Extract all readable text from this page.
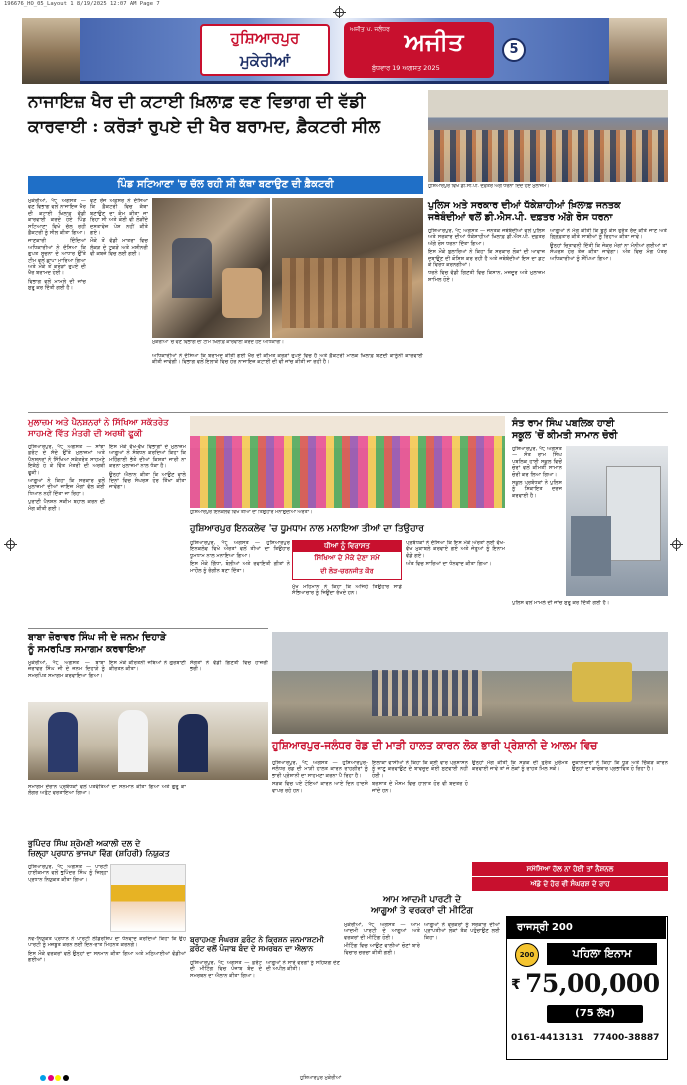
196676_HO_05_Layout 1 8/19/2025 12:07 AM Page 7
ਹੁਸ਼ਿਆਰਪੁਰ
ਮੁਕੇਰੀਆਂ
ਅਜੀਤ ਪ. ਜਲੰਧਰ ਅਜੀਤ
ਬੁੱਧਵਾਰ 19 ਅਗਸਤ 2025
5
ਨਾਜਾਇਜ਼ ਖੈਰ ਦੀ ਕਟਾਈ ਖ਼ਿਲਾਫ਼ ਵਣ ਵਿਭਾਗ ਦੀ ਵੱਡੀ
ਕਾਰਵਾਈ : ਕਰੋੜਾਂ ਰੁਪਏ ਦੀ ਖੈਰ ਬਰਾਮਦ, ਫ਼ੈਕਟਰੀ ਸੀਲ
ਪਿੰਡ ਸਟਿਆਣਾ 'ਚ ਚੱਲ ਰਹੀ ਸੀ ਕੱਥਾ ਬਣਾਉਣ ਦੀ ਫ਼ੈਕਟਰੀ

ਮੁਕੇਰੀਆਂ, ੧੮ ਅਗਸਤ — ਵਣ ਵਿਭਾਗ ਵਲੋਂ ਨਾਜਾਇਜ਼ ਖੈਰ ਦੀ ਕਟਾਈ ਖ਼ਿਲਾਫ਼ ਵੱਡੀ ਕਾਰਵਾਈ ਕਰਦੇ ਹੋਏ ਪਿੰਡ ਸਟਿਆਣਾ ਵਿਖੇ ਚੱਲ ਰਹੀ ਫ਼ੈਕਟਰੀ ਨੂੰ ਸੀਲ ਕੀਤਾ ਗਿਆ।

ਜਾਣਕਾਰੀ ਦਿੰਦਿਆਂ ਅਧਿਕਾਰੀਆਂ ਨੇ ਦੱਸਿਆ ਕਿ ਗੁਪਤ ਸੂਚਨਾ ਦੇ ਆਧਾਰ ਉੱਤੇ ਟੀਮ ਵਲੋਂ ਛਾਪਾ ਮਾਰਿਆ ਗਿਆ ਅਤੇ ਮੌਕੇ ਤੋਂ ਕਰੋੜਾਂ ਰੁਪਏ ਦੀ ਖੈਰ ਬਰਾਮਦ ਹੋਈ।

ਵਿਭਾਗ ਵਲੋਂ ਮਾਮਲੇ ਦੀ ਜਾਂਚ ਸ਼ੁਰੂ ਕਰ ਦਿੱਤੀ ਗਈ ਹੈ।

ਵਣ ਰੇਂਜ ਅਫ਼ਸਰ ਨੇ ਦੱਸਿਆ ਕਿ ਫ਼ੈਕਟਰੀ ਵਿਚ ਕੱਥਾ ਬਣਾਉਣ ਦਾ ਕੰਮ ਕੀਤਾ ਜਾ ਰਿਹਾ ਸੀ ਅਤੇ ਕੋਈ ਵੀ ਲੋੜੀਂਦੇ ਦਸਤਾਵੇਜ਼ ਪੇਸ਼ ਨਹੀਂ ਕੀਤੇ ਗਏ।

ਮੌਕੇ ਤੋਂ ਵੱਡੀ ਮਾਤਰਾ ਵਿਚ ਲੱਕੜ ਦੇ ਟੁਕੜੇ ਅਤੇ ਮਸ਼ੀਨਰੀ ਵੀ ਕਬਜ਼ੇ ਵਿਚ ਲਈ ਗਈ।

ਮੁਕੇਰੀਆਂ 'ਚ ਵਣ ਵਿਭਾਗ ਦੀ ਟੀਮ ਖ਼ਿਲਾਫ਼ ਕਾਰਵਾਈ ਕਰਦੇ ਹੋਏ ਅਧਿਕਾਰੀ।

ਅਧਿਕਾਰੀਆਂ ਨੇ ਦੱਸਿਆ ਕਿ ਬਰਾਮਦ ਕੀਤੀ ਗਈ ਖੈਰ ਦੀ ਕੀਮਤ ਕਰੋੜਾਂ ਰੁਪਏ ਵਿਚ ਹੈ ਅਤੇ ਫ਼ੈਕਟਰੀ ਮਾਲਕ ਖ਼ਿਲਾਫ਼ ਬਣਦੀ ਕਾਨੂੰਨੀ ਕਾਰਵਾਈ ਕੀਤੀ ਜਾਵੇਗੀ। ਵਿਭਾਗ ਵਲੋਂ ਇਲਾਕੇ ਵਿਚ ਹੋਰ ਨਾਜਾਇਜ਼ ਕਟਾਈ ਦੀ ਵੀ ਜਾਂਚ ਕੀਤੀ ਜਾ ਰਹੀ ਹੈ।

ਹੁਸ਼ਿਆਰਪੁਰ ਵਿਖੇ ਡੀ.ਸੀ.ਪੀ. ਦਫ਼ਤਰ ਅੱਗੇ ਧਰਨਾ ਦਿੰਦੇ ਹੋਏ ਮੁਲਾਜ਼ਮ।
ਪੁਲਿਸ ਅਤੇ ਸਰਕਾਰ ਦੀਆਂ ਧੱਕੇਸ਼ਾਹੀਆਂ ਖ਼ਿਲਾਫ਼ ਜਨਤਕ
ਜਥੇਬੰਦੀਆਂ ਵਲੋਂ ਡੀ.ਐਸ.ਪੀ. ਦਫ਼ਤਰ ਅੱਗੇ ਰੋਸ ਧਰਨਾ

ਹੁਸ਼ਿਆਰਪੁਰ, ੧੮ ਅਗਸਤ — ਜਨਤਕ ਜਥੇਬੰਦੀਆਂ ਵਲੋਂ ਪੁਲਿਸ ਅਤੇ ਸਰਕਾਰ ਦੀਆਂ ਧੱਕੇਸ਼ਾਹੀਆਂ ਖ਼ਿਲਾਫ਼ ਡੀ.ਐਸ.ਪੀ. ਦਫ਼ਤਰ ਅੱਗੇ ਰੋਸ ਧਰਨਾ ਦਿੱਤਾ ਗਿਆ।

ਇਸ ਮੌਕੇ ਬੁਲਾਰਿਆਂ ਨੇ ਕਿਹਾ ਕਿ ਸਰਕਾਰ ਲੋਕਾਂ ਦੀ ਆਵਾਜ਼ ਦਬਾਉਣ ਦੀ ਕੋਸ਼ਿਸ਼ ਕਰ ਰਹੀ ਹੈ ਅਤੇ ਜਥੇਬੰਦੀਆਂ ਇਸ ਦਾ ਡਟ ਕੇ ਵਿਰੋਧ ਕਰਨਗੀਆਂ।

ਧਰਨੇ ਵਿਚ ਵੱਡੀ ਗਿਣਤੀ ਵਿਚ ਕਿਸਾਨ, ਮਜ਼ਦੂਰ ਅਤੇ ਮੁਲਾਜ਼ਮ ਸ਼ਾਮਿਲ ਹੋਏ।

ਆਗੂਆਂ ਨੇ ਮੰਗ ਕੀਤੀ ਕਿ ਝੂਠੇ ਕੇਸ ਤੁਰੰਤ ਰੱਦ ਕੀਤੇ ਜਾਣ ਅਤੇ ਗ੍ਰਿਫ਼ਤਾਰ ਕੀਤੇ ਸਾਥੀਆਂ ਨੂੰ ਰਿਹਾਅ ਕੀਤਾ ਜਾਵੇ।

ਉਨ੍ਹਾਂ ਚਿਤਾਵਨੀ ਦਿੱਤੀ ਕਿ ਜੇਕਰ ਮੰਗਾਂ ਨਾ ਮੰਨੀਆਂ ਗਈਆਂ ਤਾਂ ਸੰਘਰਸ਼ ਹੋਰ ਤੇਜ਼ ਕੀਤਾ ਜਾਵੇਗਾ। ਅੰਤ ਵਿਚ ਮੰਗ ਪੱਤਰ ਅਧਿਕਾਰੀਆਂ ਨੂੰ ਸੌਂਪਿਆ ਗਿਆ।

ਮੁਲਾਜ਼ਮ ਅਤੇ ਪੈਨਸ਼ਨਰਾਂ ਨੇ ਸਿੱਖਿਆ ਸਕੱਤਰੇਤ
ਸਾਹਮਣੇ ਵਿੱਤ ਮੰਤਰੀ ਦੀ ਅਰਥੀ ਫੂਕੀ

ਹੁਸ਼ਿਆਰਪੁਰ, ੧੮ ਅਗਸਤ — ਸਾਂਝਾ ਫ਼ਰੰਟ ਦੇ ਸੱਦੇ ਉੱਤੇ ਮੁਲਾਜ਼ਮਾਂ ਅਤੇ ਪੈਨਸ਼ਨਰਾਂ ਨੇ ਸਿੱਖਿਆ ਸਕੱਤਰੇਤ ਸਾਹਮਣੇ ਇਕੱਠੇ ਹੋ ਕੇ ਵਿੱਤ ਮੰਤਰੀ ਦੀ ਅਰਥੀ ਫੂਕੀ।

ਆਗੂਆਂ ਨੇ ਕਿਹਾ ਕਿ ਸਰਕਾਰ ਵਲੋਂ ਮੁਲਾਜ਼ਮਾਂ ਦੀਆਂ ਜਾਇਜ਼ ਮੰਗਾਂ ਵੱਲ ਕੋਈ ਧਿਆਨ ਨਹੀਂ ਦਿੱਤਾ ਜਾ ਰਿਹਾ।

ਪੁਰਾਣੀ ਪੈਨਸ਼ਨ ਸਕੀਮ ਬਹਾਲ ਕਰਨ ਦੀ ਮੰਗ ਕੀਤੀ ਗਈ।

ਇਸ ਮੌਕੇ ਵੱਖ-ਵੱਖ ਵਿਭਾਗਾਂ ਦੇ ਮੁਲਾਜ਼ਮ ਆਗੂਆਂ ਨੇ ਸੰਬੋਧਨ ਕਰਦਿਆਂ ਕਿਹਾ ਕਿ ਮਹਿੰਗਾਈ ਭੱਤੇ ਦੀਆਂ ਕਿਸ਼ਤਾਂ ਜਾਰੀ ਨਾ ਕਰਨਾ ਮੁਲਾਜ਼ਮਾਂ ਨਾਲ ਧੱਕਾ ਹੈ।

ਉਨ੍ਹਾਂ ਐਲਾਨ ਕੀਤਾ ਕਿ ਆਉਣ ਵਾਲੇ ਦਿਨਾਂ ਵਿਚ ਸੰਘਰਸ਼ ਹੋਰ ਤਿੱਖਾ ਕੀਤਾ ਜਾਵੇਗਾ।

ਹੁਸ਼ਿਆਰਪੁਰ ਇਨਕਲੇਵ ਵਿਖੇ ਤੀਆਂ ਦਾ ਤਿਉਹਾਰ ਮਨਾਉਂਦੀਆਂ ਔਰਤਾਂ।
ਹੁਸ਼ਿਆਰਪੁਰ ਇਨਕਲੇਵ 'ਚ ਧੂਮਧਾਮ ਨਾਲ ਮਨਾਇਆ ਤੀਆਂ ਦਾ ਤਿਉਹਾਰ

ਹੁਸ਼ਿਆਰਪੁਰ, ੧੮ ਅਗਸਤ — ਹੁਸ਼ਿਆਰਪੁਰ ਇਨਕਲੇਵ ਵਿਖੇ ਔਰਤਾਂ ਵਲੋਂ ਤੀਆਂ ਦਾ ਤਿਉਹਾਰ ਧੂਮਧਾਮ ਨਾਲ ਮਨਾਇਆ ਗਿਆ।

ਇਸ ਮੌਕੇ ਗਿੱਧਾ, ਬੋਲੀਆਂ ਅਤੇ ਰਵਾਇਤੀ ਗੀਤਾਂ ਨੇ ਮਾਹੌਲ ਨੂੰ ਰੰਗੀਨ ਬਣਾ ਦਿੱਤਾ।

ਧੀਆਂ ਨੂੰ ਵਿਰਾਸਤ
ਸਿੱਖਿਆ ਦੇ ਮੌਕੇ ਦੇਣਾ ਸਮੇਂ
ਦੀ ਲੋੜ-ਚਰਨਜੀਤ ਕੌਰ

ਮੁੱਖ ਮਹਿਮਾਨ ਨੇ ਕਿਹਾ ਕਿ ਅਜਿਹੇ ਤਿਉਹਾਰ ਸਾਡੇ ਸੱਭਿਆਚਾਰ ਨੂੰ ਜਿਊਂਦਾ ਰੱਖਦੇ ਹਨ।

ਪ੍ਰਬੰਧਕਾਂ ਨੇ ਦੱਸਿਆ ਕਿ ਇਸ ਮੌਕੇ ਔਰਤਾਂ ਲਈ ਵੱਖ-ਵੱਖ ਮੁਕਾਬਲੇ ਕਰਵਾਏ ਗਏ ਅਤੇ ਜੇਤੂਆਂ ਨੂੰ ਇਨਾਮ ਵੰਡੇ ਗਏ।

ਅੰਤ ਵਿਚ ਸਾਰਿਆਂ ਦਾ ਧੰਨਵਾਦ ਕੀਤਾ ਗਿਆ।

ਸੰਤ ਰਾਮ ਸਿੰਘ ਪਬਲਿਕ ਹਾਈ
ਸਕੂਲ 'ਚੋਂ ਕੀਮਤੀ ਸਾਮਾਨ ਚੋਰੀ

ਹੁਸ਼ਿਆਰਪੁਰ, ੧੮ ਅਗਸਤ — ਸੰਤ ਰਾਮ ਸਿੰਘ ਪਬਲਿਕ ਹਾਈ ਸਕੂਲ ਵਿਚੋਂ ਚੋਰਾਂ ਵਲੋਂ ਕੀਮਤੀ ਸਾਮਾਨ ਚੋਰੀ ਕਰ ਲਿਆ ਗਿਆ।

ਸਕੂਲ ਪ੍ਰਬੰਧਕਾਂ ਨੇ ਪੁਲਿਸ ਨੂੰ ਸ਼ਿਕਾਇਤ ਦਰਜ ਕਰਵਾਈ ਹੈ।

ਪੁਲਿਸ ਵਲੋਂ ਮਾਮਲੇ ਦੀ ਜਾਂਚ ਸ਼ੁਰੂ ਕਰ ਦਿੱਤੀ ਗਈ ਹੈ।

ਬਾਬਾ ਜ਼ੋਰਾਵਰ ਸਿੰਘ ਜੀ ਦੇ ਜਨਮ ਦਿਹਾੜੇ
ਨੂੰ ਸਮਰਪਿਤ ਸਮਾਗਮ ਕਰਵਾਇਆ

ਮੁਕੇਰੀਆਂ, ੧੮ ਅਗਸਤ — ਬਾਬਾ ਜ਼ੋਰਾਵਰ ਸਿੰਘ ਜੀ ਦੇ ਜਨਮ ਦਿਹਾੜੇ ਨੂੰ ਸਮਰਪਿਤ ਸਮਾਗਮ ਕਰਵਾਇਆ ਗਿਆ।

ਇਸ ਮੌਕੇ ਕੀਰਤਨੀ ਜਥਿਆਂ ਨੇ ਗੁਰਬਾਣੀ ਕੀਰਤਨ ਕੀਤਾ।

ਸੰਗਤਾਂ ਨੇ ਵੱਡੀ ਗਿਣਤੀ ਵਿਚ ਹਾਜ਼ਰੀ ਭਰੀ।

ਸਮਾਗਮ ਦੌਰਾਨ ਪ੍ਰਬੰਧਕਾਂ ਵਲੋਂ ਪਤਵੰਤਿਆਂ ਦਾ ਸਨਮਾਨ ਕੀਤਾ ਗਿਆ ਅਤੇ ਗੁਰੂ ਕਾ ਲੰਗਰ ਅਤੁੱਟ ਵਰਤਾਇਆ ਗਿਆ।

ਹੁਸ਼ਿਆਰਪੁਰ-ਜਲੰਧਰ ਰੋਡ ਦੀ ਮਾੜੀ ਹਾਲਤ ਕਾਰਨ ਲੋਕ ਭਾਰੀ ਪ੍ਰੇਸ਼ਾਨੀ ਦੇ ਆਲਮ ਵਿਚ

ਹੁਸ਼ਿਆਰਪੁਰ, ੧੮ ਅਗਸਤ — ਹੁਸ਼ਿਆਰਪੁਰ-ਜਲੰਧਰ ਰੋਡ ਦੀ ਮਾੜੀ ਹਾਲਤ ਕਾਰਨ ਰਾਹਗੀਰਾਂ ਨੂੰ ਭਾਰੀ ਪ੍ਰੇਸ਼ਾਨੀ ਦਾ ਸਾਹਮਣਾ ਕਰਨਾ ਪੈ ਰਿਹਾ ਹੈ।

ਸੜਕ ਵਿਚ ਪਏ ਟੋਇਆਂ ਕਾਰਨ ਆਏ ਦਿਨ ਹਾਦਸੇ ਵਾਪਰ ਰਹੇ ਹਨ।

ਇਲਾਕਾ ਵਾਸੀਆਂ ਨੇ ਕਿਹਾ ਕਿ ਕਈ ਵਾਰ ਪ੍ਰਸ਼ਾਸਨ ਨੂੰ ਜਾਣੂ ਕਰਵਾਉਣ ਦੇ ਬਾਵਜੂਦ ਕੋਈ ਸੁਣਵਾਈ ਨਹੀਂ ਹੋਈ।

ਬਰਸਾਤ ਦੇ ਮੌਸਮ ਵਿਚ ਹਾਲਾਤ ਹੋਰ ਵੀ ਬਦਤਰ ਹੋ ਜਾਂਦੇ ਹਨ।

ਉਨ੍ਹਾਂ ਮੰਗ ਕੀਤੀ ਕਿ ਸੜਕ ਦੀ ਤੁਰੰਤ ਮੁਰੰਮਤ ਕਰਵਾਈ ਜਾਵੇ ਤਾਂ ਜੋ ਲੋਕਾਂ ਨੂੰ ਰਾਹਤ ਮਿਲ ਸਕੇ।

ਦੁਕਾਨਦਾਰਾਂ ਨੇ ਕਿਹਾ ਕਿ ਧੂੜ ਅਤੇ ਚਿੱਕੜ ਕਾਰਨ ਉਨ੍ਹਾਂ ਦਾ ਕਾਰੋਬਾਰ ਪ੍ਰਭਾਵਿਤ ਹੋ ਰਿਹਾ ਹੈ।

ਸਮੱਸਿਆ ਹੱਲ ਨਾ ਹੋਈ ਤਾਂ ਨੈਸ਼ਨਲ
ਅੱਡੇ ਦੇ ਹੋਰ ਵੀ ਸੰਘਰਸ਼ ਦੇ ਰਾਹ
ਭੁਪਿੰਦਰ ਸਿੰਘ ਸ਼੍ਰੋਮਣੀ ਅਕਾਲੀ ਦਲ ਦੇ
ਜ਼ਿਲ੍ਹਾ ਪ੍ਰਧਾਨ ਭਾਜਪਾ ਵਿੰਗ (ਸ਼ਹਿਰੀ) ਨਿਯੁਕਤ

ਹੁਸ਼ਿਆਰਪੁਰ, ੧੮ ਅਗਸਤ — ਪਾਰਟੀ ਹਾਈਕਮਾਨ ਵਲੋਂ ਭੁਪਿੰਦਰ ਸਿੰਘ ਨੂੰ ਜ਼ਿਲ੍ਹਾ ਪ੍ਰਧਾਨ ਨਿਯੁਕਤ ਕੀਤਾ ਗਿਆ।

ਨਵ-ਨਿਯੁਕਤ ਪ੍ਰਧਾਨ ਨੇ ਪਾਰਟੀ ਲੀਡਰਸ਼ਿਪ ਦਾ ਧੰਨਵਾਦ ਕਰਦਿਆਂ ਕਿਹਾ ਕਿ ਉਹ ਪਾਰਟੀ ਨੂੰ ਮਜ਼ਬੂਤ ਕਰਨ ਲਈ ਦਿਨ-ਰਾਤ ਮਿਹਨਤ ਕਰਨਗੇ।

ਇਸ ਮੌਕੇ ਵਰਕਰਾਂ ਵਲੋਂ ਉਨ੍ਹਾਂ ਦਾ ਸਨਮਾਨ ਕੀਤਾ ਗਿਆ ਅਤੇ ਮਠਿਆਈਆਂ ਵੰਡੀਆਂ ਗਈਆਂ।

ਬ੍ਰਾਹਮਣ ਸੰਘਰਸ਼ ਫ਼ਰੰਟ ਨੇ ਕ੍ਰਿਸ਼ਨ ਜਨਮਾਸ਼ਟਮੀ
ਫ਼ਰੰਟ ਵਲੋਂ ਪੰਜਾਬ ਬੰਦ ਦੇ ਸਮਰਥਨ ਦਾ ਐਲਾਨ

ਹੁਸ਼ਿਆਰਪੁਰ, ੧੮ ਅਗਸਤ — ਫ਼ਰੰਟ ਦੀ ਮੀਟਿੰਗ ਵਿਚ ਪੰਜਾਬ ਬੰਦ ਦੇ ਸਮਰਥਨ ਦਾ ਐਲਾਨ ਕੀਤਾ ਗਿਆ।

ਆਗੂਆਂ ਨੇ ਸਾਰੇ ਵਰਗਾਂ ਨੂੰ ਸਹਿਯੋਗ ਦੇਣ ਦੀ ਅਪੀਲ ਕੀਤੀ।

ਆਮ ਆਦਮੀ ਪਾਰਟੀ ਦੇ
ਆਗੂਆਂ ਤੇ ਵਰਕਰਾਂ ਦੀ ਮੀਟਿੰਗ

ਮੁਕੇਰੀਆਂ, ੧੮ ਅਗਸਤ — ਆਮ ਆਦਮੀ ਪਾਰਟੀ ਦੇ ਆਗੂਆਂ ਅਤੇ ਵਰਕਰਾਂ ਦੀ ਮੀਟਿੰਗ ਹੋਈ।

ਮੀਟਿੰਗ ਵਿਚ ਆਉਣ ਵਾਲੀਆਂ ਚੋਣਾਂ ਬਾਰੇ ਵਿਚਾਰ ਚਰਚਾ ਕੀਤੀ ਗਈ।

ਆਗੂਆਂ ਨੇ ਵਰਕਰਾਂ ਨੂੰ ਸਰਕਾਰ ਦੀਆਂ ਪ੍ਰਾਪਤੀਆਂ ਲੋਕਾਂ ਤੱਕ ਪਹੁੰਚਾਉਣ ਲਈ ਕਿਹਾ।

ਰਾਜਸ੍ਰੀ 200
200	ਪਹਿਲਾ ਇਨਾਮ
₹ 75,00,000
(75 ਲੱਖ)
0161-4413131 77400-38887

ਹੁਸ਼ਿਆਰਪੁਰ ਮੁਕੇਰੀਆਂ
